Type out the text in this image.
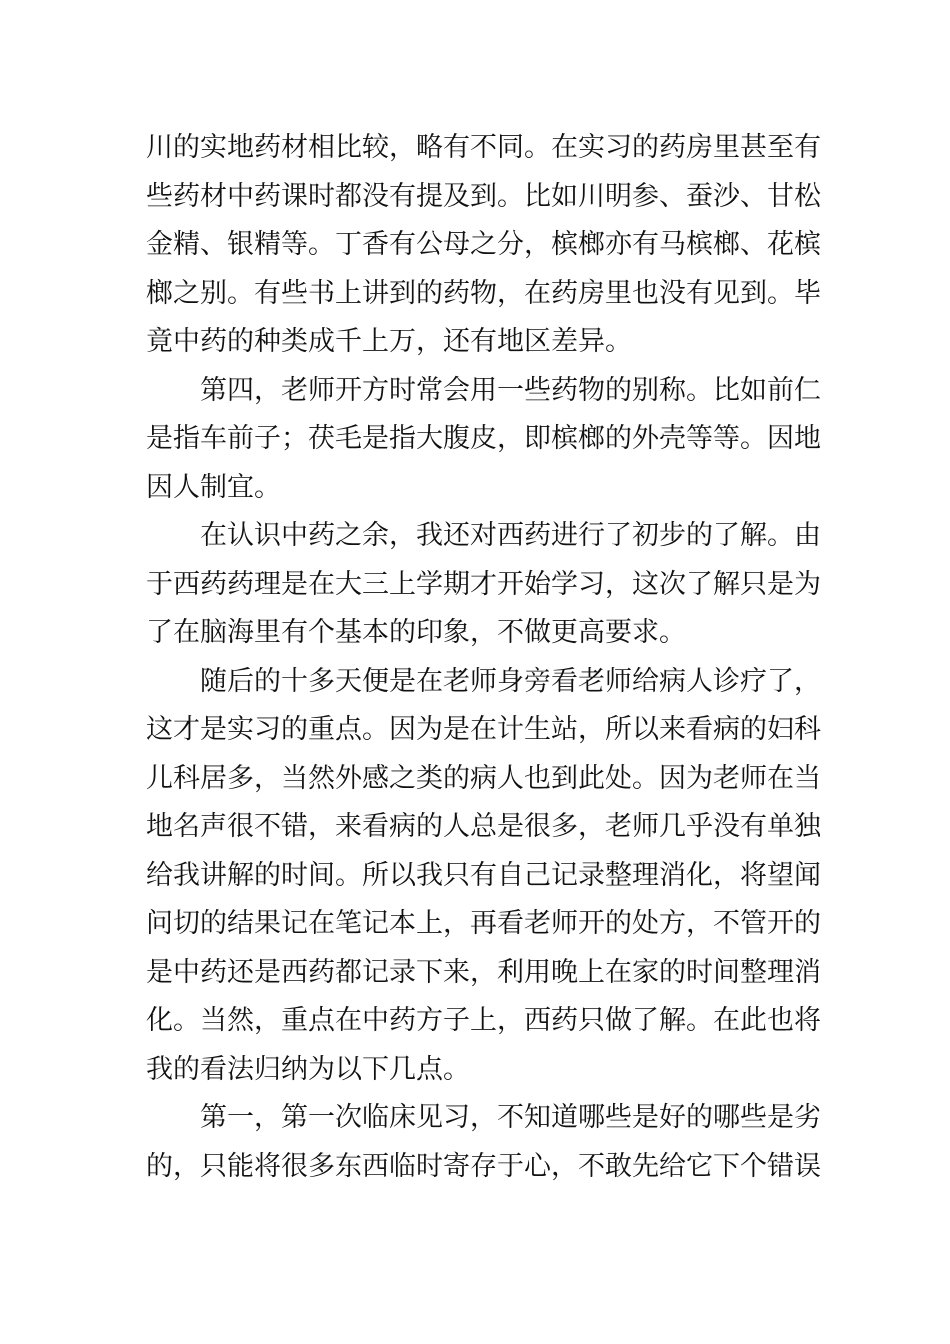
川的实地药材相比较，略有不同。在实习的药房里甚至有
些药材中药课时都没有提及到。比如川明参、蚕沙、甘松
金精、银精等。丁香有公母之分，槟榔亦有马槟榔、花槟
榔之别。有些书上讲到的药物，在药房里也没有见到。毕
竟中药的种类成千上万，还有地区差异。
第四，老师开方时常会用一些药物的别称。比如前仁
是指车前子；茯毛是指大腹皮，即槟榔的外壳等等。因地
因人制宜。
在认识中药之余，我还对西药进行了初步的了解。由
于西药药理是在大三上学期才开始学习，这次了解只是为
了在脑海里有个基本的印象，不做更高要求。
随后的十多天便是在老师身旁看老师给病人诊疗了，
这才是实习的重点。因为是在计生站，所以来看病的妇科
儿科居多，当然外感之类的病人也到此处。因为老师在当
地名声很不错，来看病的人总是很多，老师几乎没有单独
给我讲解的时间。所以我只有自己记录整理消化，将望闻
问切的结果记在笔记本上，再看老师开的处方，不管开的
是中药还是西药都记录下来，利用晚上在家的时间整理消
化。当然，重点在中药方子上，西药只做了解。在此也将
我的看法归纳为以下几点。
第一，第一次临床见习，不知道哪些是好的哪些是劣
的，只能将很多东西临时寄存于心，不敢先给它下个错误
